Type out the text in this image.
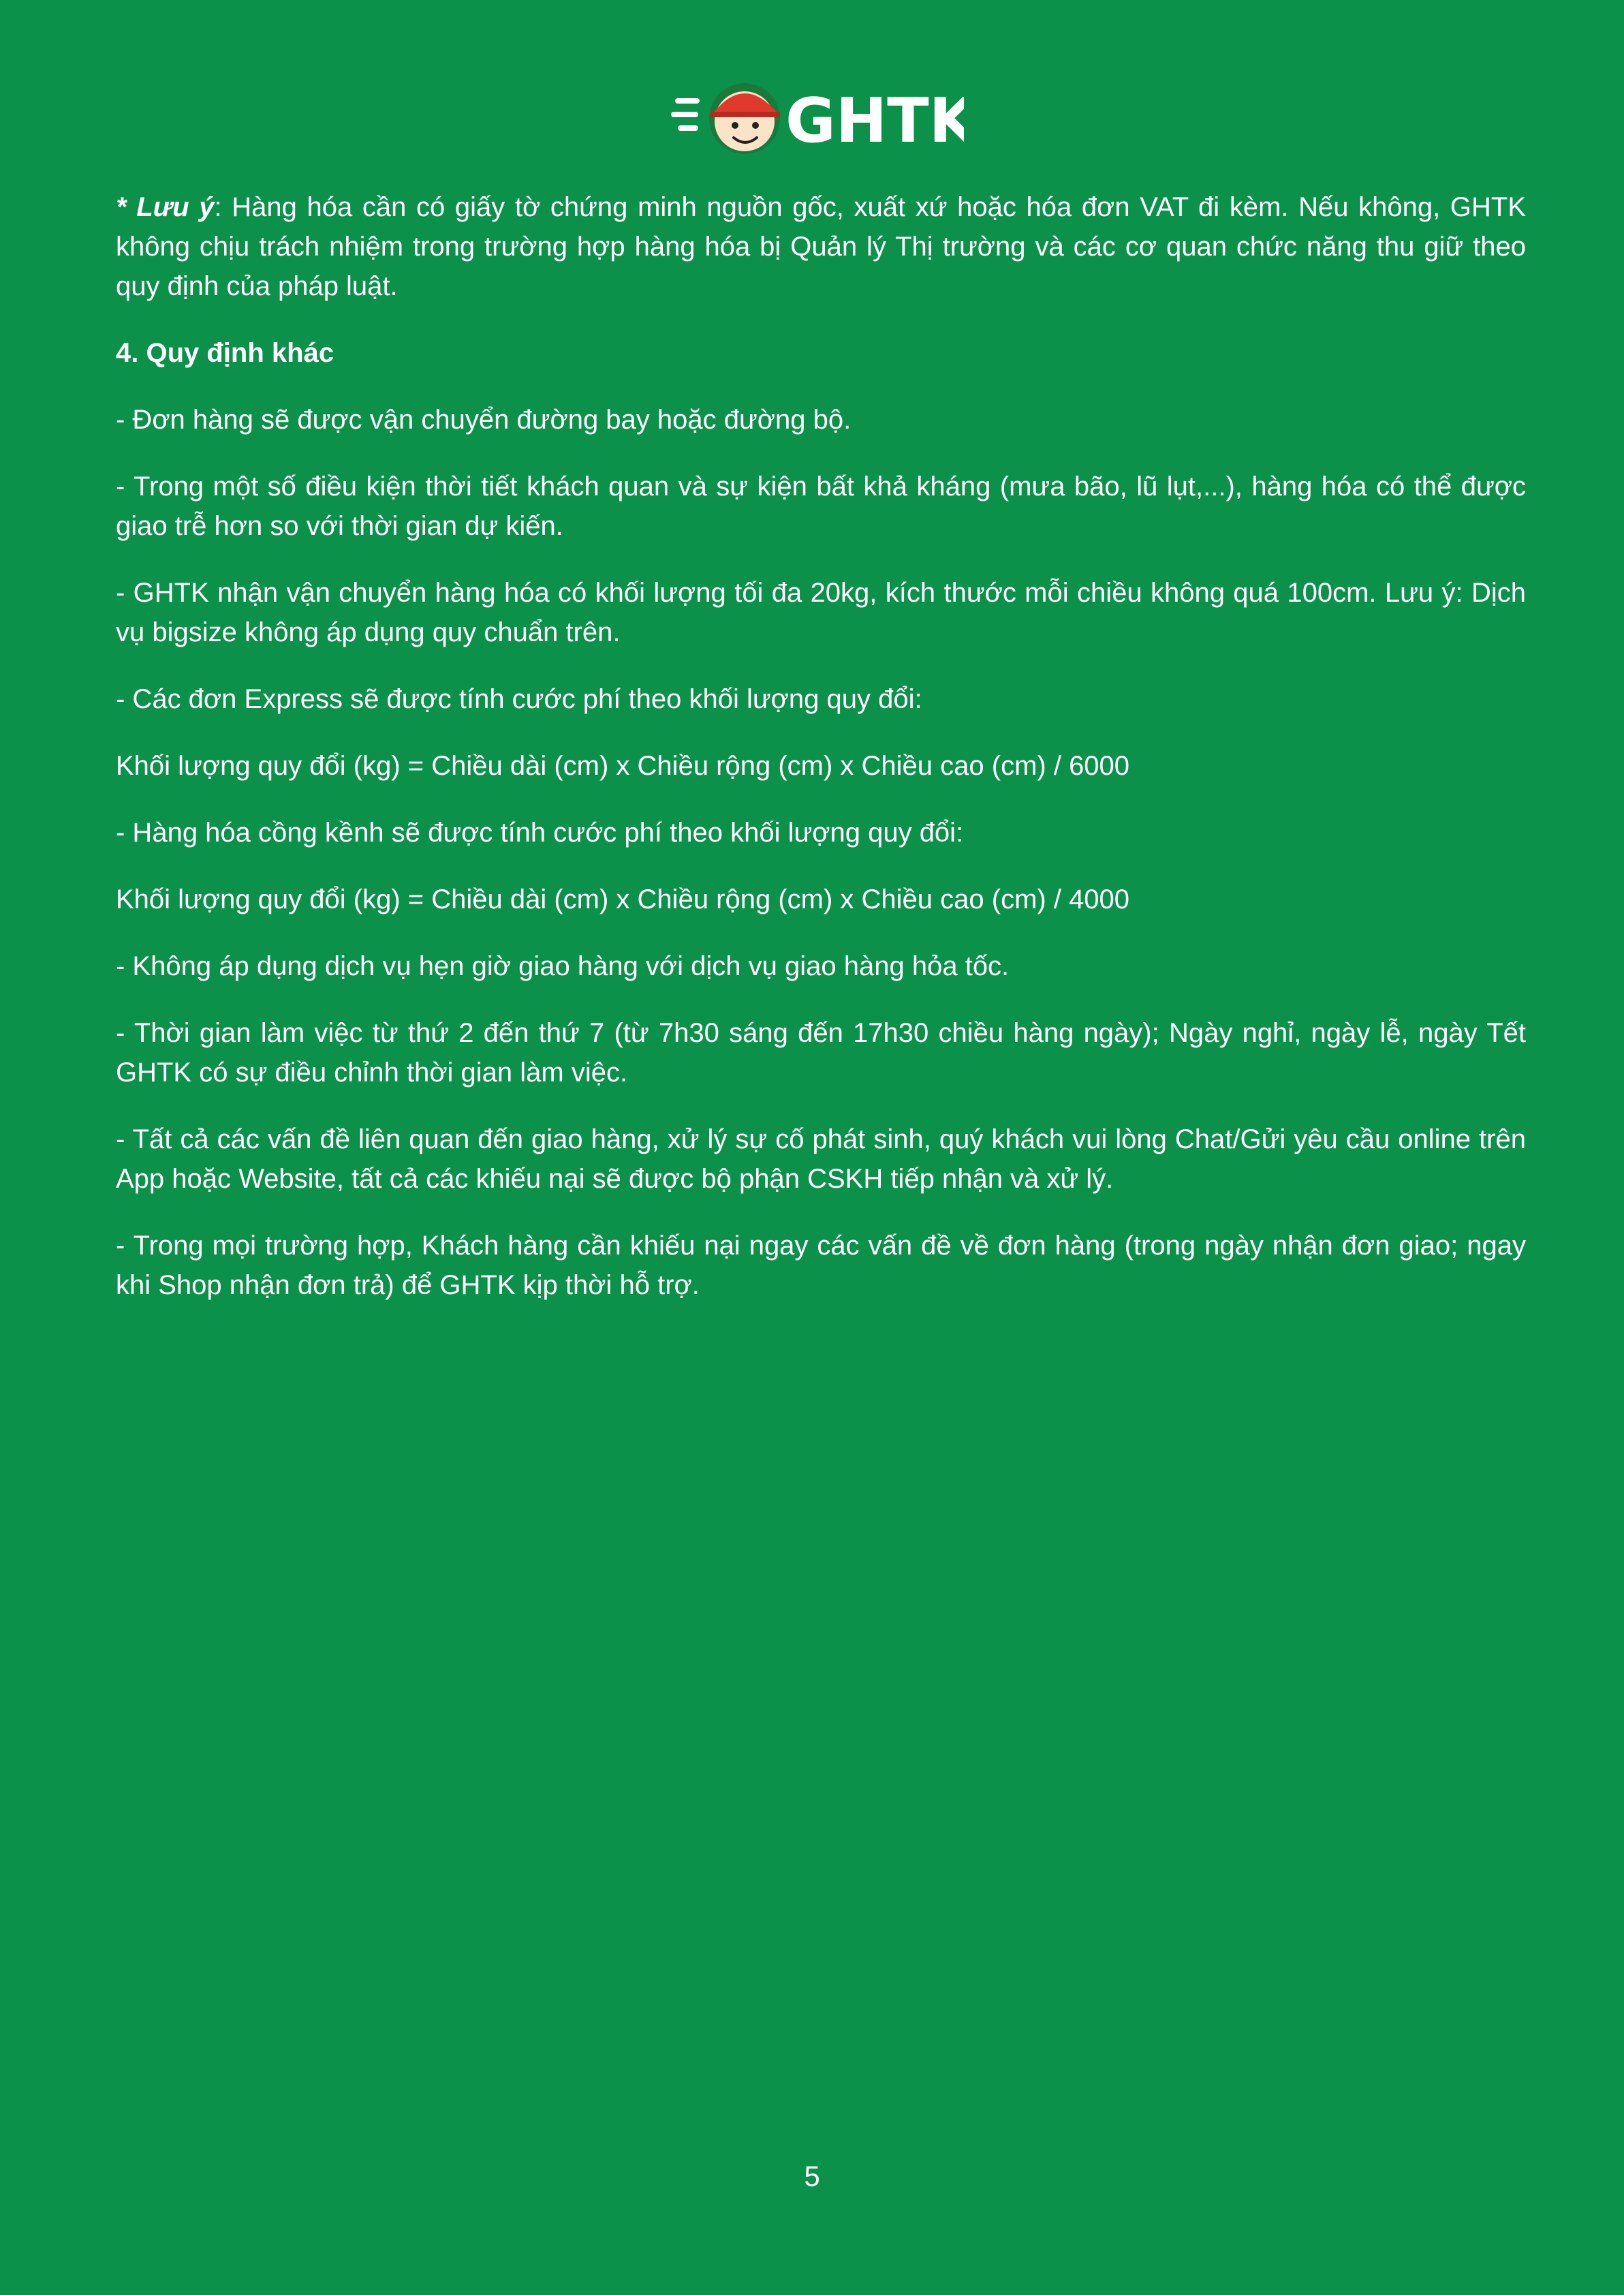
GHTK

* Lưu ý: Hàng hóa cần có giấy tờ chứng minh nguồn gốc, xuất xứ hoặc hóa đơn VAT đi kèm. Nếu không, GHTK không chịu trách nhiệm trong trường hợp hàng hóa bị Quản lý Thị trường và các cơ quan chức năng thu giữ theo quy định của pháp luật.

4. Quy định khác

- Đơn hàng sẽ được vận chuyển đường bay hoặc đường bộ.

- Trong một số điều kiện thời tiết khách quan và sự kiện bất khả kháng (mưa bão, lũ lụt,...), hàng hóa có thể được giao trễ hơn so với thời gian dự kiến.

- GHTK nhận vận chuyển hàng hóa có khối lượng tối đa 20kg, kích thước mỗi chiều không quá 100cm. Lưu ý: Dịch vụ bigsize không áp dụng quy chuẩn trên.

- Các đơn Express sẽ được tính cước phí theo khối lượng quy đổi:

Khối lượng quy đổi (kg) = Chiều dài (cm) x Chiều rộng (cm) x Chiều cao (cm) / 6000

- Hàng hóa cồng kềnh sẽ được tính cước phí theo khối lượng quy đổi:

Khối lượng quy đổi (kg) = Chiều dài (cm) x Chiều rộng (cm) x Chiều cao (cm) / 4000

- Không áp dụng dịch vụ hẹn giờ giao hàng với dịch vụ giao hàng hỏa tốc.

- Thời gian làm việc từ thứ 2 đến thứ 7 (từ 7h30 sáng đến 17h30 chiều hàng ngày); Ngày nghỉ, ngày lễ, ngày Tết GHTK có sự điều chỉnh thời gian làm việc.

- Tất cả các vấn đề liên quan đến giao hàng, xử lý sự cố phát sinh, quý khách vui lòng Chat/Gửi yêu cầu online trên App hoặc Website, tất cả các khiếu nại sẽ được bộ phận CSKH tiếp nhận và xử lý.

- Trong mọi trường hợp, Khách hàng cần khiếu nại ngay các vấn đề về đơn hàng (trong ngày nhận đơn giao; ngay khi Shop nhận đơn trả) để GHTK kịp thời hỗ trợ.

5
